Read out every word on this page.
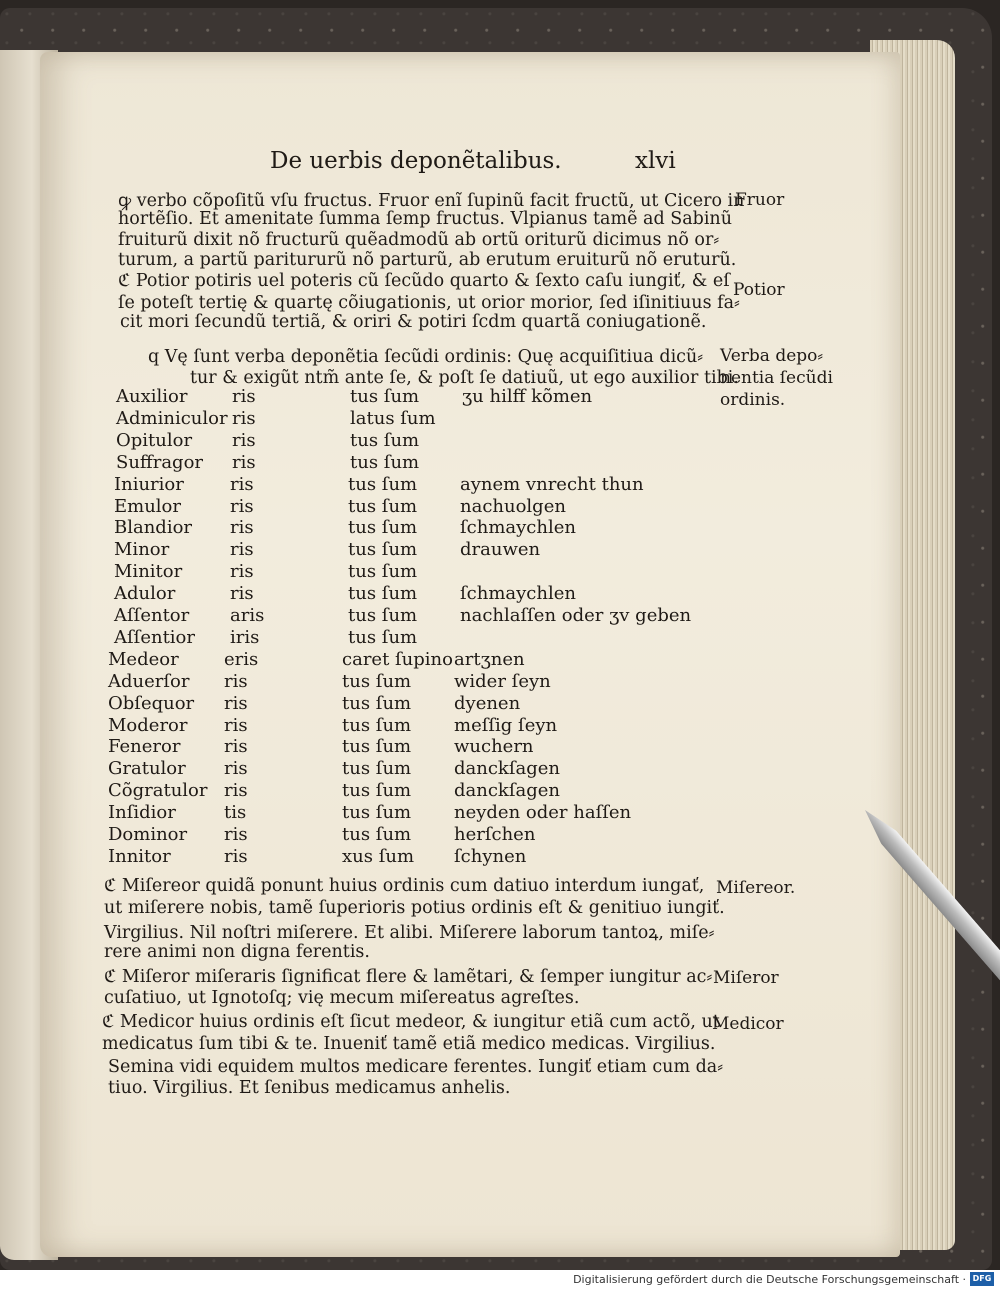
De uerbis deponẽtalibus.	xlvi
ꝙ verbo cõpoſitũ vſu fructus. Fruor enĩ ſupinũ facit fructũ, ut Cicero in
hortẽſio. Et amenitate ſumma ſemp fructus. Vlpianus tamẽ ad Sabinũ
fruiturũ dixit nõ fructurũ quẽadmodũ ab ortũ oriturũ dicimus nõ or⸗
turum, a partũ paritururũ nõ parturũ, ab erutum eruiturũ nõ eruturũ.
ℭ Potior potiris uel poteris cũ ſecũdo quarto & ſexto caſu iungiť, & eſ
ſe poteſt tertię & quartę cõiugationis, ut orior morior, ſed iſinitiuus fa⸗
cit mori ſecundũ tertiã, & oriri & potiri ſcdm quartã coniugationẽ.
q Vę ſunt verba deponẽtia ſecũdi ordinis: Quę acquiſitiua dicũ⸗
tur & exigũt ntm̃ ante ſe, & poſt ſe datiuũ, ut ego auxilior tibi.
Auxilior ris	tus ſum ʒu hilff kõmen
Adminiculor ris	latus ſum
Opitulor ris	tus ſum
Suffragor ris	tus ſum
Iniurior	ris	tus ſum aynem vnrecht thun
Emulor	ris	tus ſum nachuolgen
Blandior ris	tus ſum ſchmaychlen
Minor	ris	tus ſum drauwen
Minitor	ris	tus ſum
Adulor	ris	tus ſum ſchmaychlen
Aſſentor aris	tus ſum nachlaſſen oder ʒv geben
Aſſentior iris	tus ſum
Medeor	eris	caret ſupino artʒnen
Aduerſor ris	tus ſum wider ſeyn
Obſequor ris	tus ſum dyenen
Moderor ris	tus ſum meſſig ſeyn
Feneror ris	tus ſum wuchern
Gratulor ris	tus ſum danckſagen
Cõgratulor ris	tus ſum danckſagen
Inſidior	tis	tus ſum neyden oder haſſen
Dominor ris	tus ſum herſchen
Innitor	ris	xus ſum ſchynen
ℭ Miſereor quidã ponunt huius ordinis cum datiuo interdum iungať,
ut miſerere nobis, tamẽ ſuperioris potius ordinis eſt & genitiuo iungiť.
Virgilius. Nil noſtri miſerere. Et alibi. Miſerere laborum tantoꝝ, miſe⸗
rere animi non digna ferentis.
ℭ Miſeror miſeraris ſignificat flere & lamẽtari, & ſemper iungitur ac⸗
cuſatiuo, ut Ignotoſq; vię mecum miſereatus agreſtes.
ℭ Medicor huius ordinis eſt ſicut medeor, & iungitur etiã cum actõ, ut
medicatus ſum tibi & te. Inueniť tamẽ etiã medico medicas. Virgilius.
Semina vidi equidem multos medicare ferentes. Iungiť etiam cum da⸗
tiuo. Virgilius. Et ſenibus medicamus anhelis.
Fruor
Potior
Verba depo⸗
nentia ſecũdi
ordinis.
Miſereor.
Miſeror
Medicor
Digitalisierung gefördert durch die Deutsche Forschungsgemeinschaft · DFG
